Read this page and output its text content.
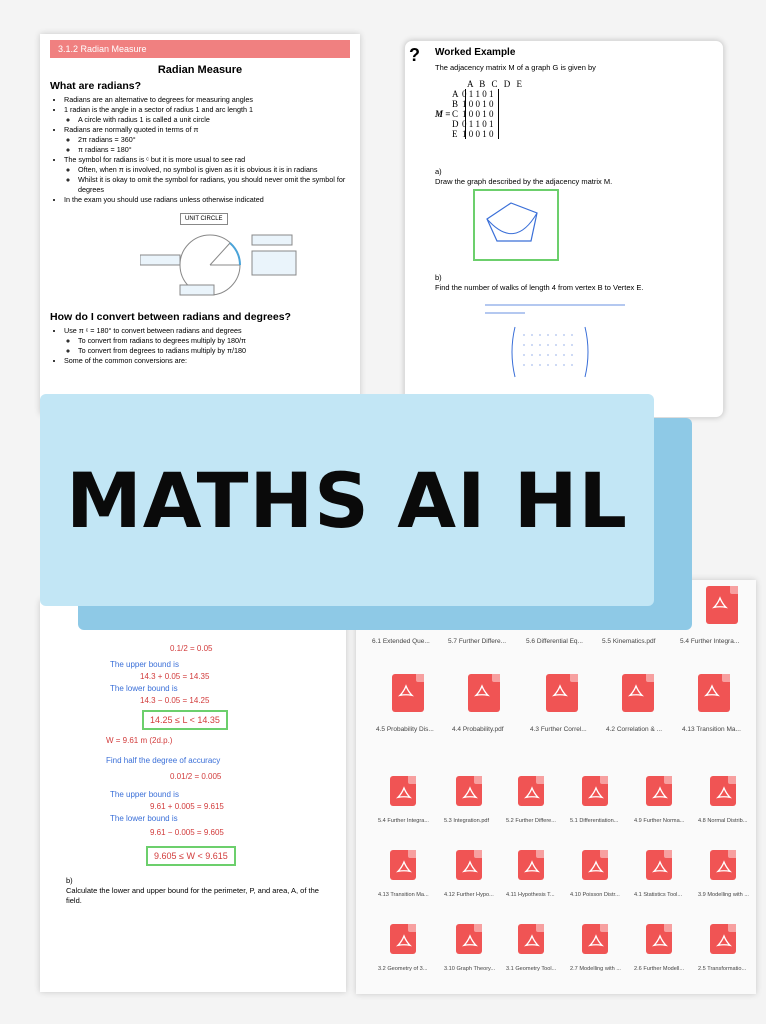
3.1.2 Radian Measure
Radian Measure
What are radians?
• Radians are an alternative to degrees for measuring angles
• 1 radian is the angle in a sector of radius 1 and arc length 1
◦ A circle with radius 1 is called a unit circle
• Radians are normally quoted in terms of π
◦ 2π radians = 360°
◦ π radians = 180°
• The symbol for radians is ᶜ but it is more usual to see rad
◦ Often, when π is involved, no symbol is given as it is obvious it is in radians
◦ Whilst it is okay to omit the symbol for radians, you should never omit the symbol for degrees
• In the exam you should use radians unless otherwise indicated
UNIT CIRCLE
How do I convert between radians and degrees?
• Use π ᶜ = 180° to convert between radians and degrees
◦ To convert from radians to degrees multiply by 180/π
◦ To convert from degrees to radians multiply by π/180
• Some of the common conversions are:
? Worked Example
The adjacency matrix M of a graph G is given by
A B C D E
M =
A 0 1 1 0 1
B 1 0 0 1 0
C 1 0 0 1 0
D 0 1 1 0 1
E 1 0 0 1 0
a)
Draw the graph described by the adjacency matrix M.
b)
Find the number of walks of length 4 from vertex B to Vertex E.
0.1/2 = 0.05
The upper bound is
14.3 + 0.05 = 14.35
The lower bound is
14.3 − 0.05 = 14.25
14.25 ≤ L < 14.35
W = 9.61 m (2d.p.)
Find half the degree of accuracy
0.01/2 = 0.005
The upper bound is
9.61 + 0.005 = 9.615
The lower bound is
9.61 − 0.005 = 9.605
9.605 ≤ W < 9.615
b)
Calculate the lower and upper bound for the perimeter, P, and area, A, of the field.
6.1 Extended Que...	5.7 Further Differe...	5.6 Differential Eq...	5.5 Kinematics.pdf	5.4 Further Integra...
4.5 Probability Dis...	4.4 Probability.pdf	4.3 Further Correl...	4.2 Correlation & ...	4.13 Transition Ma...
5.4 Further Integra...	5.3 Integration.pdf	5.2 Further Differe...	5.1 Differentiation...	4.9 Further Norma...	4.8 Normal Distrib...
4.13 Transition Ma...	4.12 Further Hypo...	4.11 Hypothesis T...	4.10 Poisson Distr...	4.1 Statistics Tool...	3.9 Modelling with ...
3.2 Geometry of 3...	3.10 Graph Theory...	3.1 Geometry Tool...	2.7 Modelling with ...	2.6 Further Modell...	2.5 Transformatio...
MATHS AI HL
